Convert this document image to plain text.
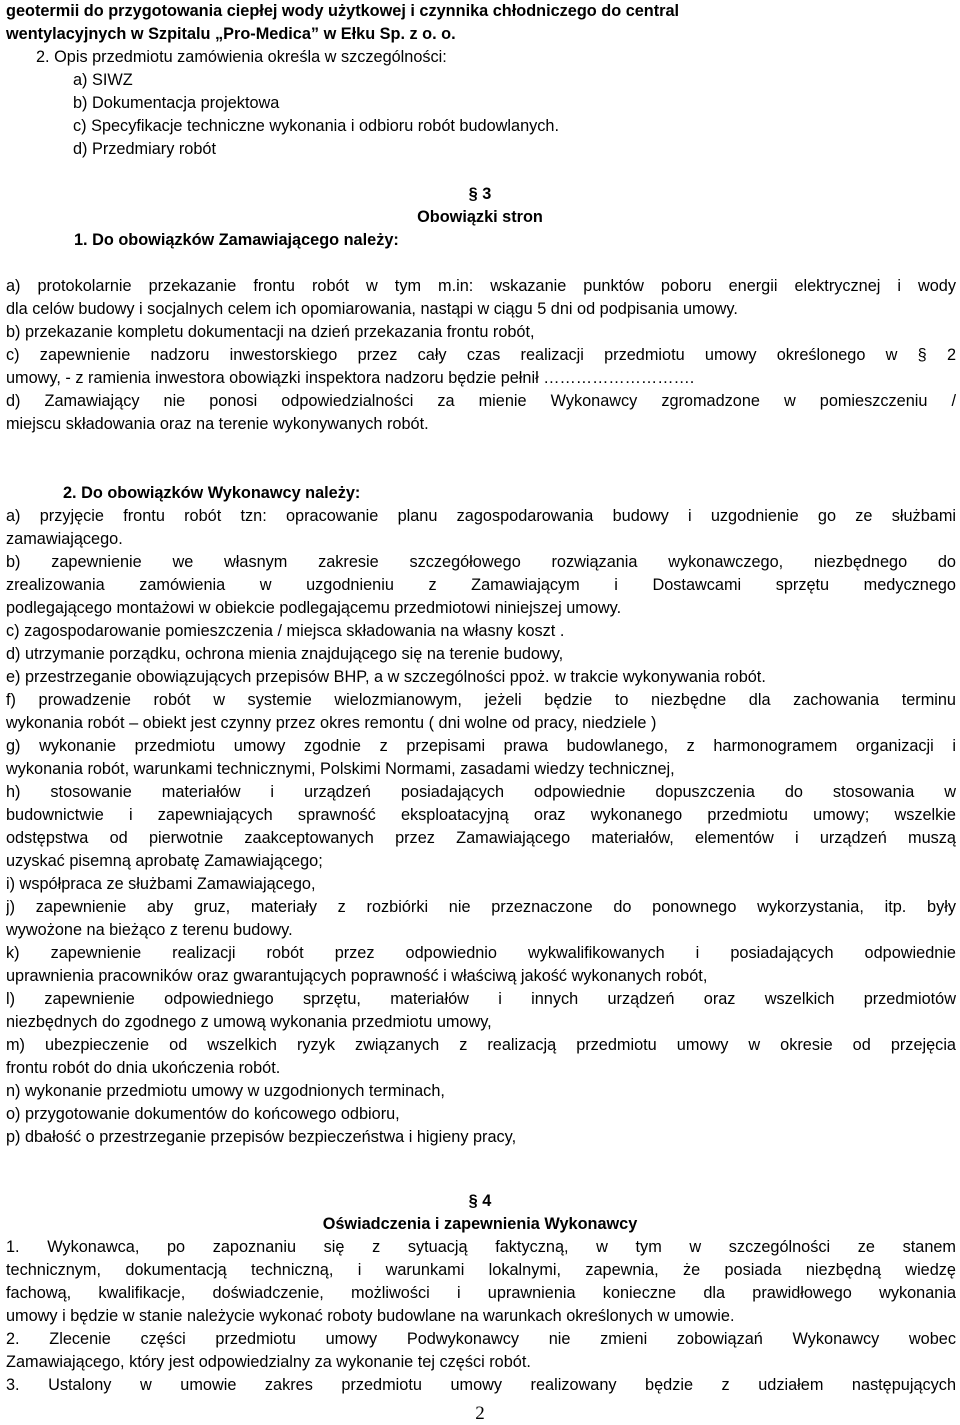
geotermii do przygotowania ciepłej wody użytkowej i czynnika chłodniczego do central
wentylacyjnych w Szpitalu „Pro-Medica” w Ełku Sp. z o. o.
2. Opis przedmiotu zamówienia określa w szczególności:
a) SIWZ
b) Dokumentacja projektowa
c) Specyfikacje techniczne wykonania i odbioru robót budowlanych.
d) Przedmiary robót
§ 3
Obowiązki stron
1. Do obowiązków Zamawiającego należy:
a) protokolarnie przekazanie frontu robót w tym m.in: wskazanie punktów poboru energii elektrycznej i wody
dla celów budowy i socjalnych celem ich opomiarowania, nastąpi w ciągu 5 dni od podpisania umowy.
b) przekazanie kompletu dokumentacji na dzień przekazania frontu robót,
c) zapewnienie nadzoru inwestorskiego przez cały czas realizacji przedmiotu umowy określonego w § 2
umowy, - z ramienia inwestora obowiązki inspektora nadzoru będzie pełnił ……………………….
d) Zamawiający nie ponosi odpowiedzialności za mienie Wykonawcy zgromadzone w pomieszczeniu /
miejscu składowania oraz na terenie wykonywanych robót.
2. Do obowiązków Wykonawcy należy:
a) przyjęcie frontu robót tzn: opracowanie planu zagospodarowania budowy i uzgodnienie go ze służbami
zamawiającego.
b) zapewnienie we własnym zakresie szczegółowego rozwiązania wykonawczego, niezbędnego do
zrealizowania zamówienia w uzgodnieniu z Zamawiającym i Dostawcami sprzętu medycznego
podlegającego montażowi w obiekcie podlegającemu przedmiotowi niniejszej umowy.
c) zagospodarowanie pomieszczenia / miejsca składowania na własny koszt .
d) utrzymanie porządku, ochrona mienia znajdującego się na terenie budowy,
e) przestrzeganie obowiązujących przepisów BHP, a w szczególności ppoż. w trakcie wykonywania robót.
f) prowadzenie robót w systemie wielozmianowym, jeżeli będzie to niezbędne dla zachowania terminu
wykonania robót – obiekt jest czynny przez okres remontu ( dni wolne od pracy, niedziele )
g) wykonanie przedmiotu umowy zgodnie z przepisami prawa budowlanego, z harmonogramem organizacji i
wykonania robót, warunkami technicznymi, Polskimi Normami, zasadami wiedzy technicznej,
h) stosowanie materiałów i urządzeń posiadających odpowiednie dopuszczenia do stosowania w
budownictwie i zapewniających sprawność eksploatacyjną oraz wykonanego przedmiotu umowy; wszelkie
odstępstwa od pierwotnie zaakceptowanych przez Zamawiającego materiałów, elementów i urządzeń muszą
uzyskać pisemną aprobatę Zamawiającego;
i) współpraca ze służbami Zamawiającego,
j) zapewnienie aby gruz, materiały z rozbiórki nie przeznaczone do ponownego wykorzystania, itp. były
wywożone na bieżąco z terenu budowy.
k) zapewnienie realizacji robót przez odpowiednio wykwalifikowanych i posiadających odpowiednie
uprawnienia pracowników oraz gwarantujących poprawność i właściwą jakość wykonanych robót,
l) zapewnienie odpowiedniego sprzętu, materiałów i innych urządzeń oraz wszelkich przedmiotów
niezbędnych do zgodnego z umową wykonania przedmiotu umowy,
m) ubezpieczenie od wszelkich ryzyk związanych z realizacją przedmiotu umowy w okresie od przejęcia
frontu robót do dnia ukończenia robót.
n) wykonanie przedmiotu umowy w uzgodnionych terminach,
o) przygotowanie dokumentów do końcowego odbioru,
p) dbałość o przestrzeganie przepisów bezpieczeństwa i higieny pracy,
§ 4
Oświadczenia i zapewnienia Wykonawcy
1. Wykonawca, po zapoznaniu się z sytuacją faktyczną, w tym w szczególności ze stanem
technicznym, dokumentacją techniczną, i warunkami lokalnymi, zapewnia, że posiada niezbędną wiedzę
fachową, kwalifikacje, doświadczenie, możliwości i uprawnienia konieczne dla prawidłowego wykonania
umowy i będzie w stanie należycie wykonać roboty budowlane na warunkach określonych w umowie.
2. Zlecenie części przedmiotu umowy Podwykonawcy nie zmieni zobowiązań Wykonawcy wobec
Zamawiającego, który jest odpowiedzialny za wykonanie tej części robót.
3. Ustalony w umowie zakres przedmiotu umowy realizowany będzie z udziałem następujących
2
